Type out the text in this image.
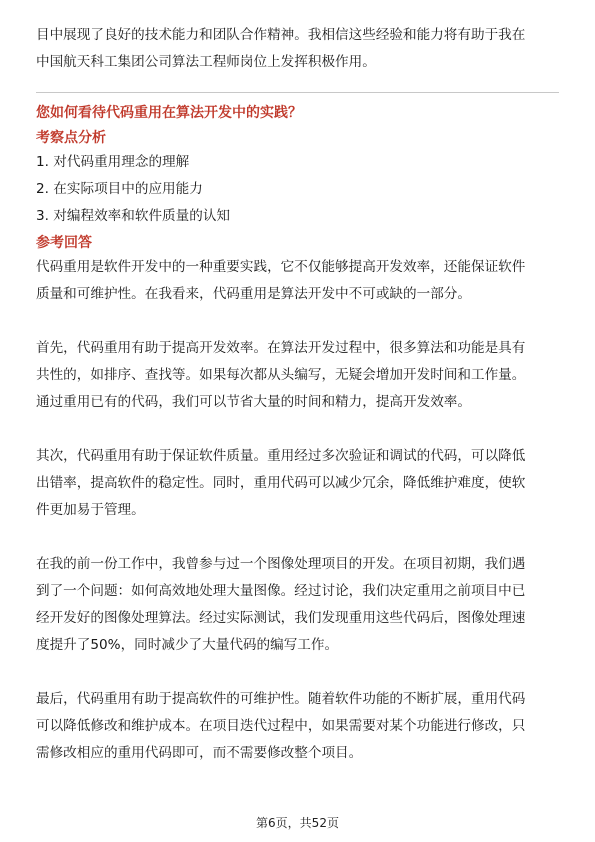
目中展现了良好的技术能力和团队合作精神。我相信这些经验和能力将有助于我在

中国航天科工集团公司算法工程师岗位上发挥积极作用。

您如何看待代码重用在算法开发中的实践？

考察点分析

1. 对代码重用理念的理解
2. 在实际项目中的应用能力
3. 对编程效率和软件质量的认知

参考回答

代码重用是软件开发中的一种重要实践，它不仅能够提高开发效率，还能保证软件

质量和可维护性。在我看来，代码重用是算法开发中不可或缺的一部分。

首先，代码重用有助于提高开发效率。在算法开发过程中，很多算法和功能是具有

共性的，如排序、查找等。如果每次都从头编写，无疑会增加开发时间和工作量。

通过重用已有的代码，我们可以节省大量的时间和精力，提高开发效率。

其次，代码重用有助于保证软件质量。重用经过多次验证和调试的代码，可以降低

出错率，提高软件的稳定性。同时，重用代码可以减少冗余，降低维护难度，使软

件更加易于管理。

在我的前一份工作中，我曾参与过一个图像处理项目的开发。在项目初期，我们遇

到了一个问题：如何高效地处理大量图像。经过讨论，我们决定重用之前项目中已

经开发好的图像处理算法。经过实际测试，我们发现重用这些代码后，图像处理速

度提升了50%，同时减少了大量代码的编写工作。

最后，代码重用有助于提高软件的可维护性。随着软件功能的不断扩展，重用代码

可以降低修改和维护成本。在项目迭代过程中，如果需要对某个功能进行修改，只

需修改相应的重用代码即可，而不需要修改整个项目。

第6页，共52页
